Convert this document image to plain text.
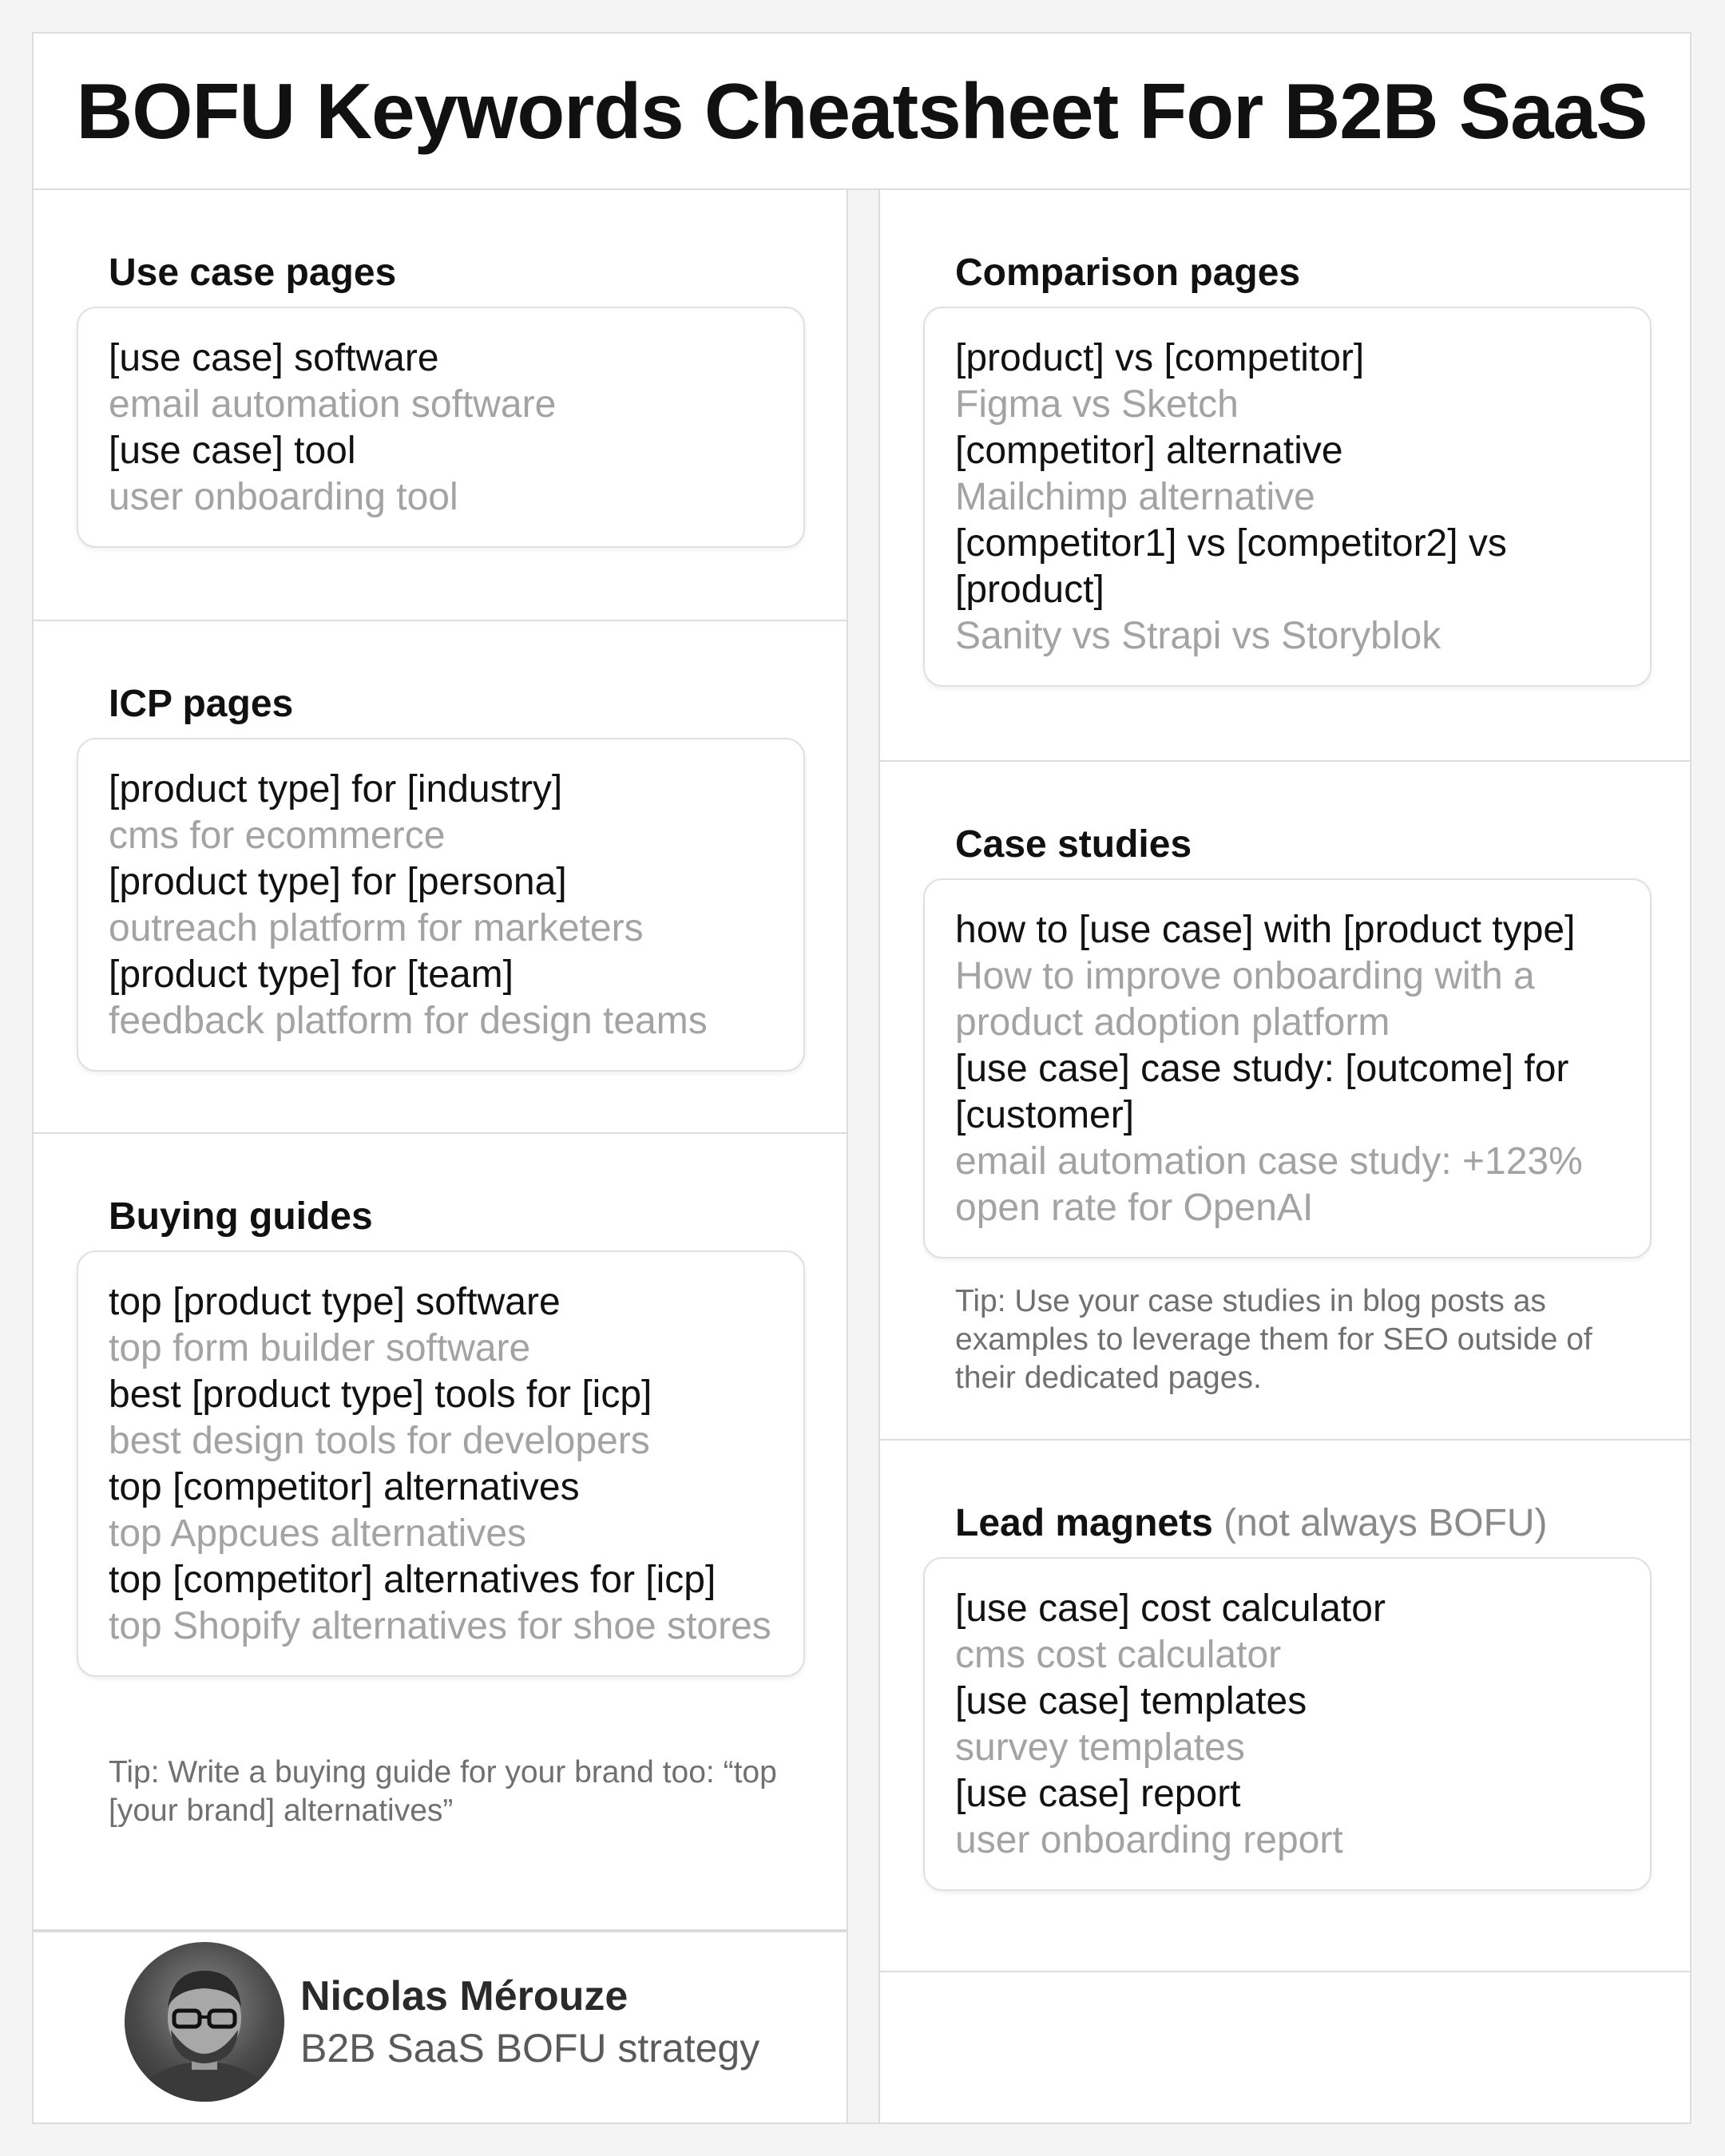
BOFU Keywords Cheatsheet For B2B SaaS
Use case pages
[use case] software
email automation software
[use case] tool
user onboarding tool
ICP pages
[product type] for [industry]
cms for ecommerce
[product type] for [persona]
outreach platform for marketers
[product type] for [team]
feedback platform for design teams
Buying guides
top [product type] software
top form builder software
best [product type] tools for [icp]
best design tools for developers
top [competitor] alternatives
top Appcues alternatives
top [competitor] alternatives for [icp]
top Shopify alternatives for shoe stores
Tip: Write a buying guide for your brand too: “top [your brand] alternatives”
Nicolas Mérouze
B2B SaaS BOFU strategy
Comparison pages
[product] vs [competitor]
Figma vs Sketch
[competitor] alternative
Mailchimp alternative
[competitor1] vs [competitor2] vs [product]
Sanity vs Strapi vs Storyblok
Case studies
how to [use case] with [product type]
How to improve onboarding with a product adoption platform
[use case] case study: [outcome] for [customer]
email automation case study: +123% open rate for OpenAI
Tip: Use your case studies in blog posts as examples to leverage them for SEO outside of their dedicated pages.
Lead magnets (not always BOFU)
[use case] cost calculator
cms cost calculator
[use case] templates
survey templates
[use case] report
user onboarding report
